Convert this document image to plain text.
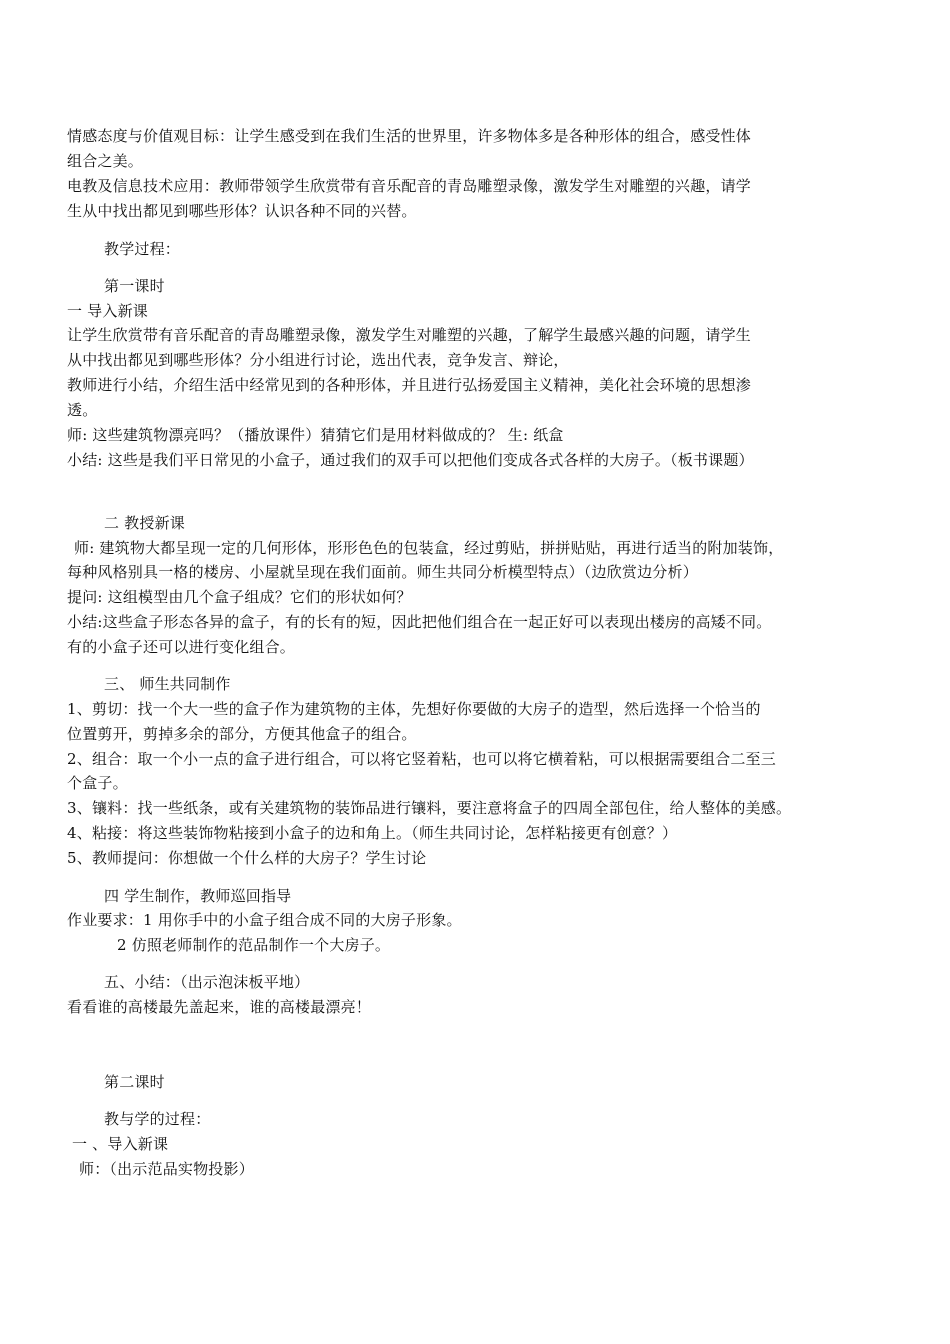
情感态度与价值观目标：让学生感受到在我们生活的世界里，许多物体多是各种形体的组合，感受性体
组合之美。
电教及信息技术应用：教师带领学生欣赏带有音乐配音的青岛雕塑录像，激发学生对雕塑的兴趣，请学
生从中找出都见到哪些形体？认识各种不同的兴替。
教学过程：
第一课时
一 导入新课
让学生欣赏带有音乐配音的青岛雕塑录像，激发学生对雕塑的兴趣，了解学生最感兴趣的问题，请学生
从中找出都见到哪些形体？分小组进行讨论，选出代表，竞争发言、辩论，
教师进行小结，介绍生活中经常见到的各种形体，并且进行弘扬爱国主义精神，美化社会环境的思想渗
透。
师: 这些建筑物漂亮吗？（播放课件）猜猜它们是用材料做成的？ 生: 纸盒
小结: 这些是我们平日常见的小盒子，通过我们的双手可以把他们变成各式各样的大房子。（板书课题）
二 教授新课
师: 建筑物大都呈现一定的几何形体，形形色色的包装盒，经过剪贴，拼拼贴贴，再进行适当的附加装饰，
每种风格别具一格的楼房、小屋就呈现在我们面前。师生共同分析模型特点）（边欣赏边分析）
提问: 这组模型由几个盒子组成？它们的形状如何？
小结:这些盒子形态各异的盒子，有的长有的短，因此把他们组合在一起正好可以表现出楼房的高矮不同。
有的小盒子还可以进行变化组合。
三、 师生共同制作
1、剪切：找一个大一些的盒子作为建筑物的主体，先想好你要做的大房子的造型，然后选择一个恰当的
位置剪开，剪掉多余的部分，方便其他盒子的组合。
2、组合：取一个小一点的盒子进行组合，可以将它竖着粘，也可以将它横着粘，可以根据需要组合二至三
个盒子。
3、镶料：找一些纸条，或有关建筑物的装饰品进行镶料，要注意将盒子的四周全部包住，给人整体的美感。
4、粘接：将这些装饰物粘接到小盒子的边和角上。（师生共同讨论，怎样粘接更有创意？）
5、教师提问：你想做一个什么样的大房子？学生讨论
四 学生制作，教师巡回指导
作业要求：1 用你手中的小盒子组合成不同的大房子形象。
2 仿照老师制作的范品制作一个大房子。
五、小结：（出示泡沫板平地）
看看谁的高楼最先盖起来，谁的高楼最漂亮！
第二课时
教与学的过程：
一 、导入新课
师：（出示范品实物投影）
